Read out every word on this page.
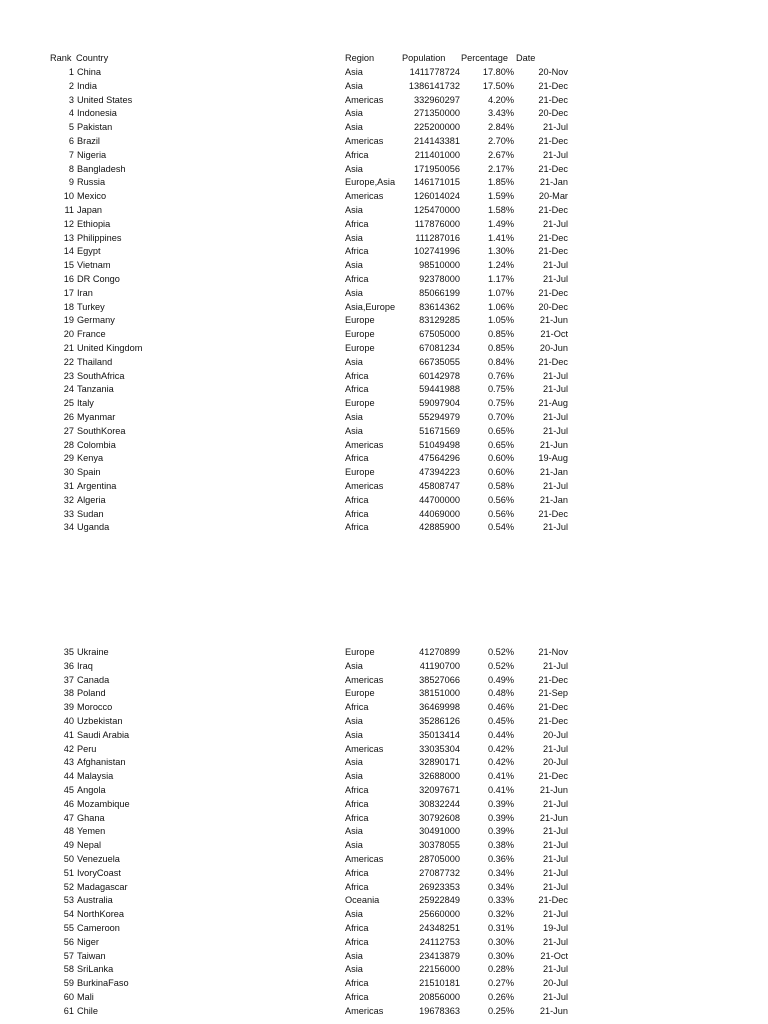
Rank Country	Region	Population Percentage Date
1 China	Asia	1411778724 17.80%	20-Nov
2 India	Asia	1386141732 17.50%	21-Dec
3 United States	Americas	332960297	4.20%	21-Dec
4 Indonesia	Asia	271350000	3.43%	20-Dec
5 Pakistan	Asia	225200000	2.84%	21-Jul
6 Brazil	Americas	214143381	2.70%	21-Dec
7 Nigeria	Africa	211401000	2.67%	21-Jul
8 Bangladesh	Asia	171950056	2.17%	21-Dec
9 Russia	Europe,Asia 146171015	1.85%	21-Jan
10 Mexico	Americas	126014024	1.59%	20-Mar
11 Japan	Asia	125470000	1.58%	21-Dec
12 Ethiopia	Africa	117876000	1.49%	21-Jul
13 Philippines	Asia	111287016	1.41%	21-Dec
14 Egypt	Africa	102741996	1.30%	21-Dec
15 Vietnam	Asia	98510000	1.24%	21-Jul
16 DR Congo	Africa	92378000	1.17%	21-Jul
17 Iran	Asia	85066199	1.07%	21-Dec
18 Turkey	Asia,Europe	83614362	1.06%	20-Dec
19 Germany	Europe	83129285	1.05%	21-Jun
20 France	Europe	67505000	0.85%	21-Oct
21 United Kingdom	Europe	67081234	0.85%	20-Jun
22 Thailand	Asia	66735055	0.84%	21-Dec
23 SouthAfrica	Africa	60142978	0.76%	21-Jul
24 Tanzania	Africa	59441988	0.75%	21-Jul
25 Italy	Europe	59097904	0.75%	21-Aug
26 Myanmar	Asia	55294979	0.70%	21-Jul
27 SouthKorea	Asia	51671569	0.65%	21-Jul
28 Colombia	Americas	51049498	0.65%	21-Jun
29 Kenya	Africa	47564296	0.60%	19-Aug
30 Spain	Europe	47394223	0.60%	21-Jan
31 Argentina	Americas	45808747	0.58%	21-Jul
32 Algeria	Africa	44700000	0.56%	21-Jan
33 Sudan	Africa	44069000	0.56%	21-Dec
34 Uganda	Africa	42885900	0.54%	21-Jul
35 Ukraine	Europe	41270899	0.52%	21-Nov
36 Iraq	Asia	41190700	0.52%	21-Jul
37 Canada	Americas	38527066	0.49%	21-Dec
38 Poland	Europe	38151000	0.48%	21-Sep
39 Morocco	Africa	36469998	0.46%	21-Dec
40 Uzbekistan	Asia	35286126	0.45%	21-Dec
41 Saudi Arabia	Asia	35013414	0.44%	20-Jul
42 Peru	Americas	33035304	0.42%	21-Jul
43 Afghanistan	Asia	32890171	0.42%	20-Jul
44 Malaysia	Asia	32688000	0.41%	21-Dec
45 Angola	Africa	32097671	0.41%	21-Jun
46 Mozambique	Africa	30832244	0.39%	21-Jul
47 Ghana	Africa	30792608	0.39%	21-Jun
48 Yemen	Asia	30491000	0.39%	21-Jul
49 Nepal	Asia	30378055	0.38%	21-Jul
50 Venezuela	Americas	28705000	0.36%	21-Jul
51 IvoryCoast	Africa	27087732	0.34%	21-Jul
52 Madagascar	Africa	26923353	0.34%	21-Jul
53 Australia	Oceania	25922849	0.33%	21-Dec
54 NorthKorea	Asia	25660000	0.32%	21-Jul
55 Cameroon	Africa	24348251	0.31%	19-Jul
56 Niger	Africa	24112753	0.30%	21-Jul
57 Taiwan	Asia	23413879	0.30%	21-Oct
58 SriLanka	Asia	22156000	0.28%	21-Jul
59 BurkinaFaso	Africa	21510181	0.27%	20-Jul
60 Mali	Africa	20856000	0.26%	21-Jul
61 Chile	Americas	19678363	0.25%	21-Jun
